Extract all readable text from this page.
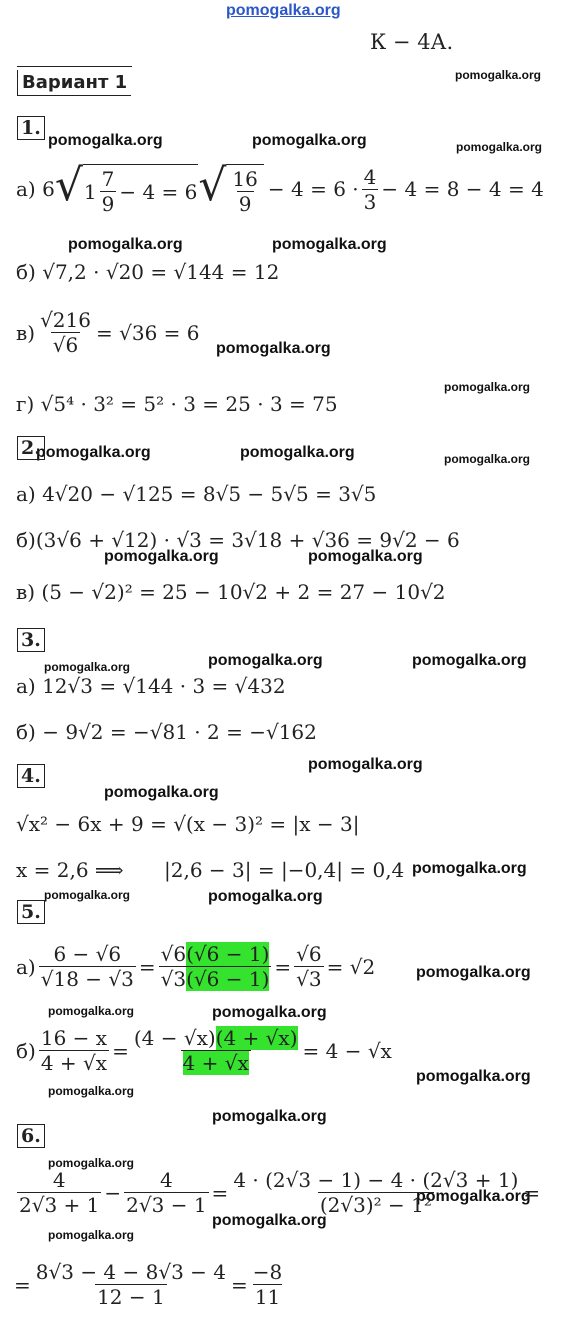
pomogalka.org
К − 4А.
Вариант 1	pomogalka.org
pomogalka.org	pomogalka.org	pomogalka.org
pomogalka.org	pomogalka.org
pomogalka.org
pomogalka.org
pomogalka.org	pomogalka.org	pomogalka.org
pomogalka.org	pomogalka.org
pomogalka.org	pomogalka.org	pomogalka.org
pomogalka.org
pomogalka.org
pomogalka.org
pomogalka.org	pomogalka.org
pomogalka.org
pomogalka.org	pomogalka.org
pomogalka.org
pomogalka.org
pomogalka.org
pomogalka.org
pomogalka.org
pomogalka.org
pomogalka.org
1.
2.
3.
4.
5.
6.
а) 6 √ $1 \frac{7}{9} - 4 = 6$ √ $\frac{16}{9} - 4 = 6 \cdot \frac{4}{3} - 4 = 8 - 4 = 4$
б) √7,2 · √20 = √144 = 12
$в) \frac{√216}{√6} = √36 = 6$
г) √5⁴ · 3² = 5² · 3 = 25 · 3 = 75
а) 4√20 − √125 = 8√5 − 5√5 = 3√5
б)(3√6 + √12) · √3 = 3√18 + √36 = 9√2 − 6
в) (5 − √2)² = 25 − 10√2 + 2 = 27 − 10√2
а) 12√3 = √144 · 3 = √432
б) − 9√2 = −√81 · 2 = −√162
√x² − 6x + 9 = √(x − 3)² = |x − 3|
x = 2,6 ⟹ |2,6 − 3| = |−0,4| = 0,4
$а) \frac{6 - √6}{√18 - √3} = \frac{√6(√6 - 1)}{√3(√6 - 1)} = \frac{√6}{√3} = √2$
$б) \frac{16 - x}{4 + √x} = \frac{(4 - √x)(4 + √x)}{4 + √x} = 4 - √x$
$\frac{4}{2√3 + 1} - \frac{4}{2√3 - 1} = \frac{4 \cdot (2√3 - 1) - 4 \cdot (2√3 + 1)}{\text{(2√3)² − 1²}}$ =
= $\frac{8√3 - 4 - 8√3 - 4}{12 - 1} = \frac{-8}{11}$
